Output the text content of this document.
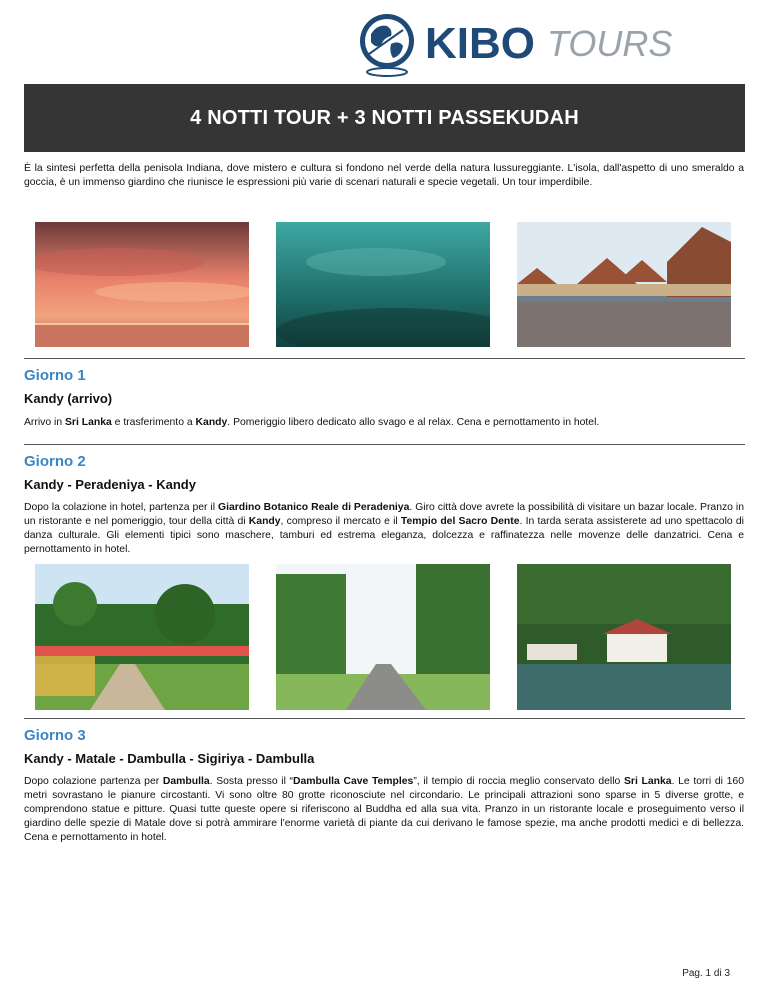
KIBO TOURS
4 NOTTI TOUR + 3 NOTTI PASSEKUDAH

È la sintesi perfetta della penisola Indiana, dove mistero e cultura si fondono nel verde della natura lussureggiante. L'isola, dall'aspetto di uno smeraldo a goccia, è un immenso giardino che riunisce le espressioni più varie di scenari naturali e specie vegetali. Un tour imperdibile.

Giorno 1
Kandy (arrivo)

Arrivo in Sri Lanka e trasferimento a Kandy. Pomeriggio libero dedicato allo svago e al relax. Cena e pernottamento in hotel.

Giorno 2
Kandy - Peradeniya - Kandy

Dopo la colazione in hotel, partenza per il Giardino Botanico Reale di Peradeniya. Giro città dove avrete la possibilità di visitare un bazar locale. Pranzo in un ristorante e nel pomeriggio, tour della città di Kandy, compreso il mercato e il Tempio del Sacro Dente. In tarda serata assisterete ad uno spettacolo di danza culturale. Gli elementi tipici sono maschere, tamburi ed estrema eleganza, dolcezza e raffinatezza nelle movenze delle danzatrici. Cena e pernottamento in hotel.

Giorno 3
Kandy - Matale - Dambulla - Sigiriya - Dambulla

Dopo colazione partenza per Dambulla. Sosta presso il “Dambulla Cave Temples”, il tempio di roccia meglio conservato dello Sri Lanka. Le torri di 160 metri sovrastano le pianure circostanti. Vi sono oltre 80 grotte riconosciute nel circondario. Le principali attrazioni sono sparse in 5 diverse grotte, e comprendono statue e pitture. Quasi tutte queste opere si riferiscono al Buddha ed alla sua vita. Pranzo in un ristorante locale e proseguimento verso il giardino delle spezie di Matale dove si potrà ammirare l'enorme varietà di piante da cui derivano le famose spezie, ma anche prodotti medici e di bellezza. Cena e pernottamento in hotel.

Pag. 1 di 3
